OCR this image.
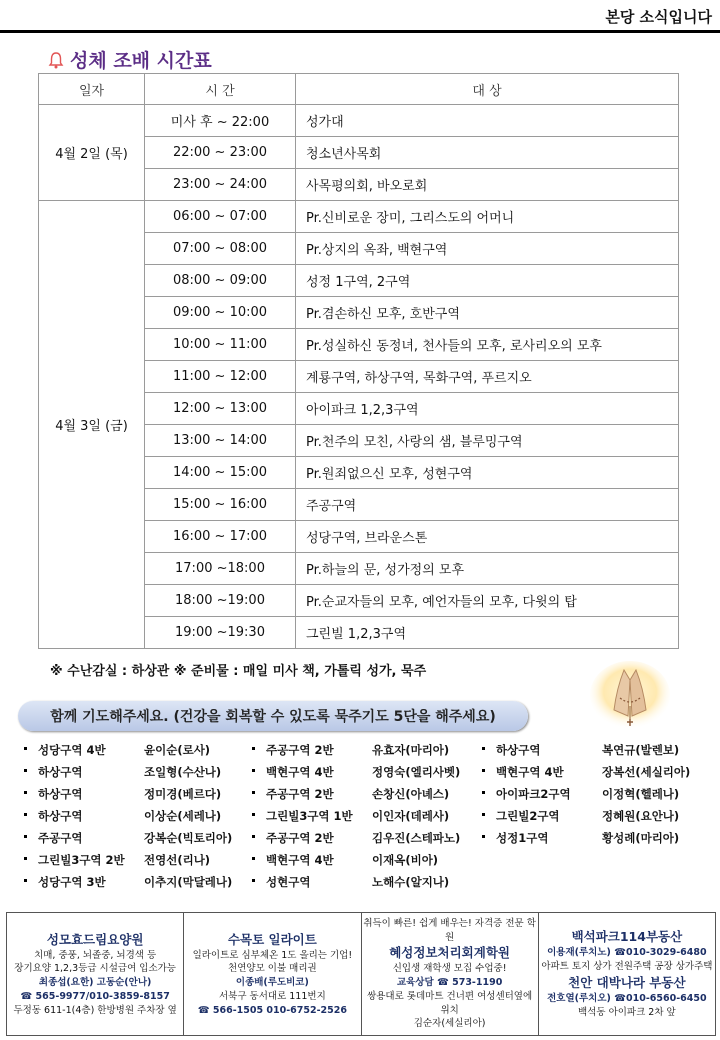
본당 소식입니다
성체 조배 시간표
일자	시 간	대 상
4월 2일 (목)	미사 후 ~ 22:00	성가대
	22:00 ~ 23:00	청소년사목회
	23:00 ~ 24:00	사목평의회, 바오로회
4월 3일 (금)	06:00 ~ 07:00	Pr.신비로운 장미, 그리스도의 어머니
	07:00 ~ 08:00	Pr.상지의 옥좌, 백현구역
	08:00 ~ 09:00	성정 1구역, 2구역
	09:00 ~ 10:00	Pr.겸손하신 모후, 호반구역
	10:00 ~ 11:00	Pr.성실하신 동정녀, 천사들의 모후, 로사리오의 모후
	11:00 ~ 12:00	계룡구역, 하상구역, 목화구역, 푸르지오
	12:00 ~ 13:00	아이파크 1,2,3구역
	13:00 ~ 14:00	Pr.천주의 모친, 사랑의 샘, 블루밍구역
	14:00 ~ 15:00	Pr.원죄없으신 모후, 성현구역
	15:00 ~ 16:00	주공구역
	16:00 ~ 17:00	성당구역, 브라운스톤
	17:00 ~18:00	Pr.하늘의 문, 성가정의 모후
	18:00 ~19:00	Pr.순교자들의 모후, 예언자들의 모후, 다윗의 탑
	19:00 ~19:30	그린빌 1,2,3구역
※ 수난감실 : 하상관 ※ 준비물 : 매일 미사 책, 가톨릭 성가, 묵주
함께 기도해주세요. (건강을 회복할 수 있도록 묵주기도 5단을 해주세요)
성당구역 4반	윤이순(로사)	주공구역 2반	유효자(마리아)	하상구역	복연규(발렌보)
하상구역	조일형(수산나)	백현구역 4반	정영숙(엘리사벳)	백현구역 4반	장복선(세실리아)
하상구역	정미경(베르다)	주공구역 2반	손창신(아녜스)	아이파크2구역	이정혁(헬레나)
하상구역	이상순(세레나)	그린빌3구역 1반 이인자(데레사)	그린빌2구역	정혜원(요안나)
주공구역	강복순(빅토리아)	주공구역 2반	김우진(스테파노)	성정1구역	황성례(마리아)
그린빌3구역 2반 전영선(리나)	백현구역 4반	이재옥(비아)
성당구역 3반	이추지(막달레나)	성현구역	노해수(알지나)
성모효드림요양원
치매, 중풍, 뇌졸중, 뇌경색 등
장기요양 1,2,3등급 시설급여 입소가능
최종섭(요한) 고동순(안나)
☎ 565-9977/010-3859-8157
두정동 611-1(4층) 한방병원 주차장 옆
수목토 일라이트
일라이트로 심부체온 1도 올리는 기업!
천연양모 이불 매리권
이종배(루도비코)
서북구 동서대로 111번지
☎ 566-1505 010-6752-2526
취득이 빠른! 쉽게 배우는! 자격증 전문 학원
혜성정보처리회계학원
신입생 재학생 모집 수업중!
교육상담 ☎ 573-1190
쌍용대로 롯데마트 건너편 여성센터옆에 위치
김순자(세실리아)
백석파크114부동산
이용재(루치노) ☎010-3029-6480
아파트 토지 상가 전원주택 공장 상가주택
천안 대박나라 부동산
전호열(루치오) ☎010-6560-6450
백석동 아이파크 2차 앞
